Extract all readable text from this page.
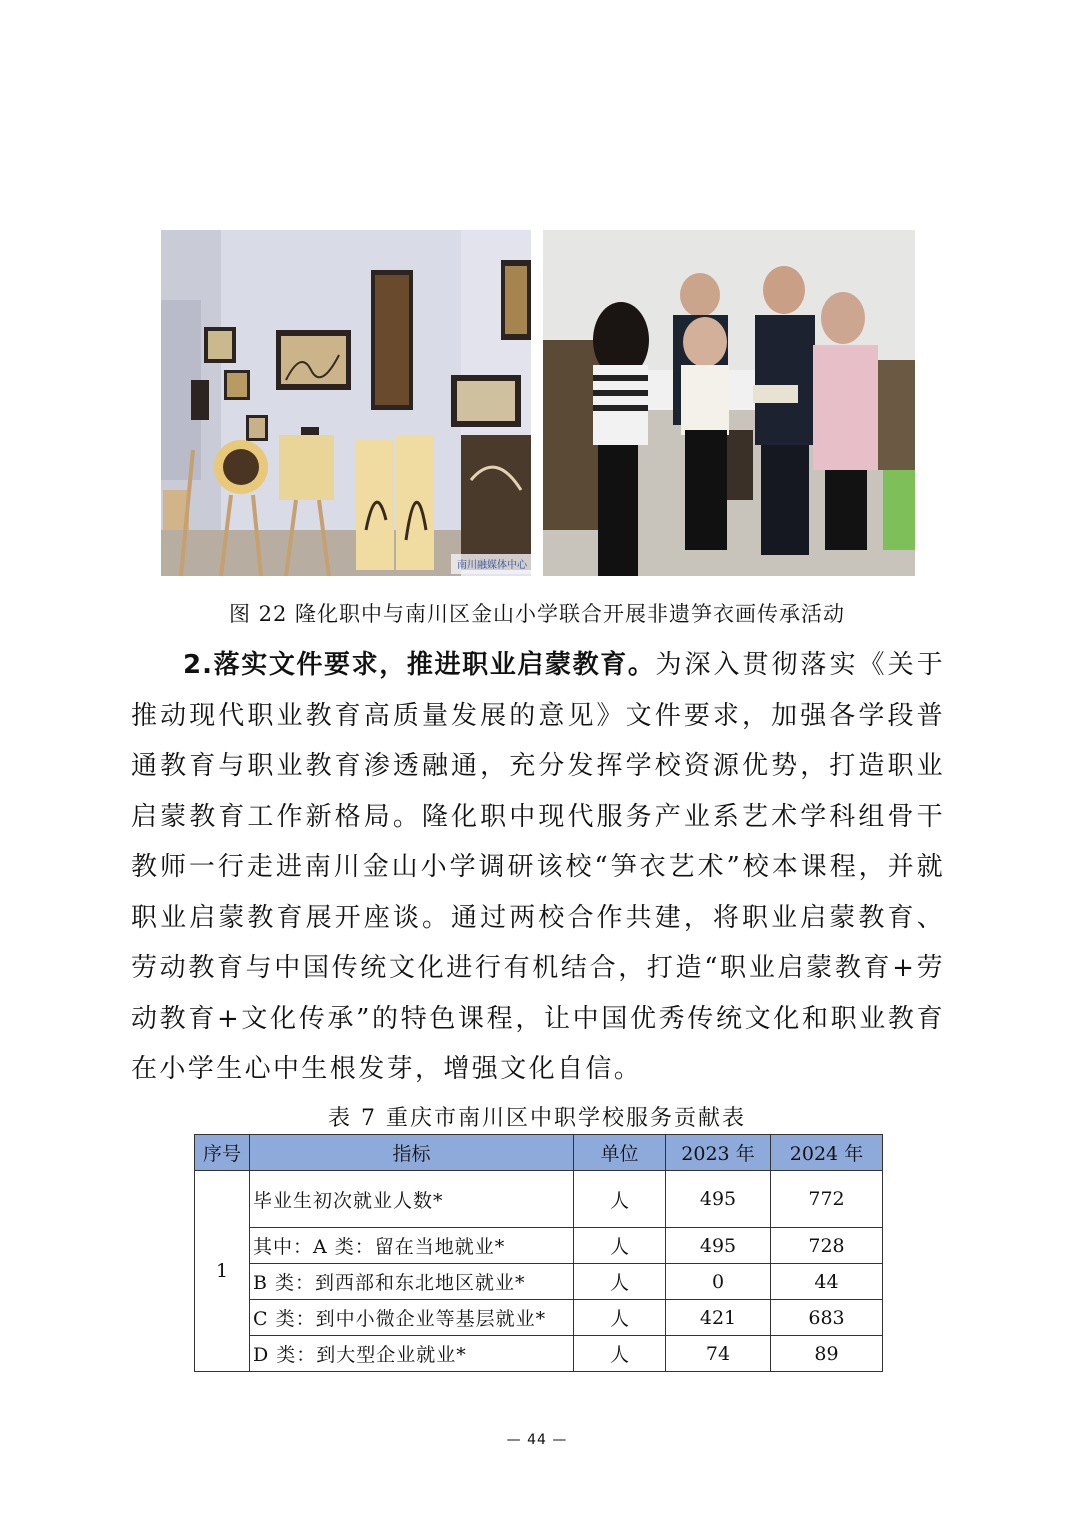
南川融媒体中心
图 22 隆化职中与南川区金山小学联合开展非遗笋衣画传承活动
2.落实文件要求，推进职业启蒙教育。为深入贯彻落实《关于推动现代职业教育高质量发展的意见》文件要求，加强各学段普通教育与职业教育渗透融通，充分发挥学校资源优势，打造职业启蒙教育工作新格局。隆化职中现代服务产业系艺术学科组骨干教师一行走进南川金山小学调研该校“笋衣艺术”校本课程，并就职业启蒙教育展开座谈。通过两校合作共建，将职业启蒙教育、劳动教育与中国传统文化进行有机结合，打造“职业启蒙教育+劳动教育+文化传承”的特色课程，让中国优秀传统文化和职业教育在小学生心中生根发芽，增强文化自信。
表 7 重庆市南川区中职学校服务贡献表
序号	指标	单位	2023 年	2024 年
1	毕业生初次就业人数*	人	495	772
	其中：A 类：留在当地就业*	人	495	728
	B 类：到西部和东北地区就业*	人	0	44
	C 类：到中小微企业等基层就业*	人	421	683
	D 类：到大型企业就业*	人	74	89
— 44 —
